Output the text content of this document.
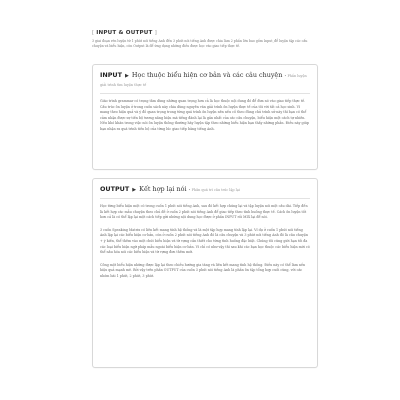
[ INPUT & OUTPUT ]
3 giai đoạn rèn luyện từ 1 phút nói tiếng Anh đến 3 phút nói tiếng Anh được chia làm 2 phần lớn bao gồm Input_để luyện tập các cấu chuyện và biểu hiện, còn Output là để ứng dụng những điều được học vào giao tiếp thực tế.
INPUT ▶ Học thuộc biểu hiện cơ bản và các câu chuyện • Phần luyện giải trình tìm luyện thực tế

Giáo trình grammar có trọng tâm dùng những quan trọng hơn cả là học thuộc nội dung đó để đưa nó vào giao tiếp thực tế. Cấu trúc ôn luyện ở trong cuốn sách này chia dùng nguyên văn giải trình ôn luyện thực tế của tôi với tất cả học sinh. Vì mang theo hiện quả và ý đồ quan trọng trong từng quá trình ôn luyện nên nếu cố theo đúng chủ trình sử này thì bạn có thể cảm nhận được sự tiến bộ tương nâng hiệu mà tiếng đánh lại là gắn nhất của các câu chuyện, biểu hiện một cách tự nhiên. Nếu khó khăn trong việc nói ôn luyện thông thường hãy luyện tập theo những biểu hiện bạn thấy những phần. Điều này giúp bạn nhận ra quá trình tiến bộ của từng lúc giao tiếp bằng tiếng Anh.

OUTPUT ▶ Kết hợp lại nói • Phân quá trì câu trúc lập lại

Học từng biểu hiện một có trong cuốn 1 phút nói tiếng Anh, sau đó kết hợp chúng lại và tập luyện nói một câu dài. Tiếp đến là kết hợp các mẫu chuyện theo chủ đề ở cuốn 2 phút nói tiếng Anh để giao tiếp theo tình huống thực tế. Cách ôn luyện tốt hơn cả là có thể lặp lại một cách tiếp gửi những nội dung học được ở phần INPUT rồi MIX lại để nói.

3 cuốn Speaking Matrix có liên kết mang tính hệ thống và là một tập hợp mang tính lặp lại. Ví dụ ở cuốn 1 phút nói tiếng Anh lặp lại các biểu hiện cơ bản, còn ở cuốn 2 phút nói tiếng Anh đó là câu chuyện và 3 phút nói tiếng Anh đó là câu chuyện + ý kiến, thể thêm vào một chút biểu hiện và từ vựng cần thiết cho từng tình huống đặc biệt. Chúng tôi cũng giới hạn tối đa các loại biểu hiện ngữ pháp mẫu ngoài biểu hiện cơ bản. Vì chỉ có như vậy thì sau khi các bạn học thuộc các biểu hiện mới có thể nâu hóa nói các biểu hiện và từ vựng đơn thêm mới.

Công một biểu hiện những được lặp lại theo chiều hướng gia tăng và liên kết mang tính hệ thống. Điều này có thể làm nền hiệu quả mạnh mẽ. Bởi vậy trên phần OUTPUT của cuốn 3 phút nói tiếng Anh là phần ôn tập tổng hợp cuối cùng, với các nhóm bài 1 phút, 2 phút, 3 phút.
